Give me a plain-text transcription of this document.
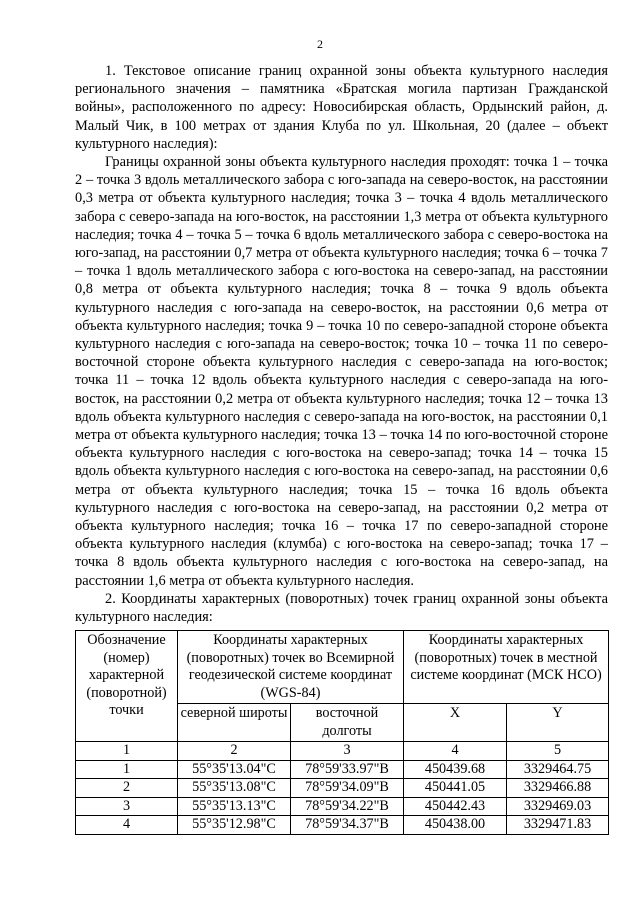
2

1. Текстовое описание границ охранной зоны объекта культурного наследия регионального значения – памятника «Братская могила партизан Гражданской войны», расположенного по адресу: Новосибирская область, Ордынский район, д. Малый Чик, в 100 метрах от здания Клуба по ул. Школьная, 20 (далее – объект культурного наследия):

Границы охранной зоны объекта культурного наследия проходят: точка 1 – точка 2 – точка 3 вдоль металлического забора с юго-запада на северо-восток, на расстоянии 0,3 метра от объекта культурного наследия; точка 3 – точка 4 вдоль металлического забора с северо-запада на юго-восток, на расстоянии 1,3 метра от объекта культурного наследия; точка 4 – точка 5 – точка 6 вдоль металлического забора с северо-востока на юго-запад, на расстоянии 0,7 метра от объекта культурного наследия; точка 6 – точка 7 – точка 1 вдоль металлического забора с юго-востока на северо-запад, на расстоянии 0,8 метра от объекта культурного наследия; точка 8 – точка 9 вдоль объекта культурного наследия с юго-запада на северо-восток, на расстоянии 0,6 метра от объекта культурного наследия; точка 9 – точка 10 по северо-западной стороне объекта культурного наследия с юго-запада на северо-восток; точка 10 – точка 11 по северо-восточной стороне объекта культурного наследия с северо-запада на юго-восток; точка 11 – точка 12 вдоль объекта культурного наследия с северо-запада на юго-восток, на расстоянии 0,2 метра от объекта культурного наследия; точка 12 – точка 13 вдоль объекта культурного наследия с северо-запада на юго-восток, на расстоянии 0,1 метра от объекта культурного наследия; точка 13 – точка 14 по юго-восточной стороне объекта культурного наследия с юго-востока на северо-запад; точка 14 – точка 15 вдоль объекта культурного наследия с юго-востока на северо-запад, на расстоянии 0,6 метра от объекта культурного наследия; точка 15 – точка 16 вдоль объекта культурного наследия с юго-востока на северо-запад, на расстоянии 0,2 метра от объекта культурного наследия; точка 16 – точка 17 по северо-западной стороне объекта культурного наследия (клумба) с юго-востока на северо-запад; точка 17 – точка 8 вдоль объекта культурного наследия с юго-востока на северо-запад, на расстоянии 1,6 метра от объекта культурного наследия.

2. Координаты характерных (поворотных) точек границ охранной зоны объекта культурного наследия:

Обозначение (номер) характерной (поворотной) точки	Координаты характерных (поворотных) точек во Всемирной геодезической системе координат (WGS-84)		Координаты характерных (поворотных) точек в местной системе координат (МСК НСО)	
	северной широты	восточной долготы	X	Y
1	2	3	4	5
1	55°35'13.04"С	78°59'33.97"В	450439.68	3329464.75
2	55°35'13.08"С	78°59'34.09"В	450441.05	3329466.88
3	55°35'13.13"С	78°59'34.22"В	450442.43	3329469.03
4	55°35'12.98"С	78°59'34.37"В	450438.00	3329471.83
